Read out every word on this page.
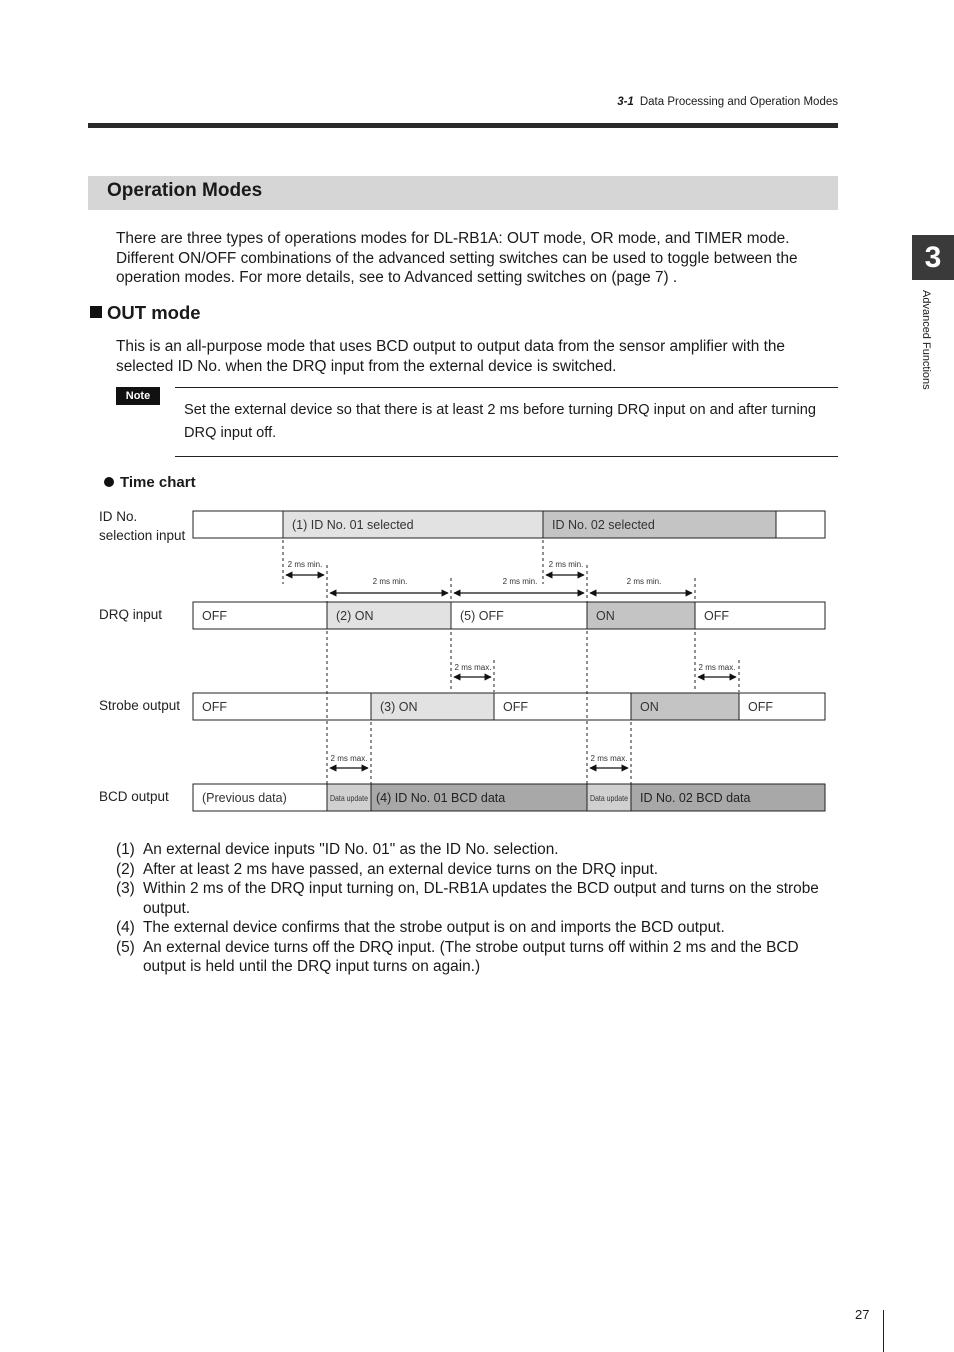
3-1 Data Processing and Operation Modes
Operation Modes
There are three types of operations modes for DL-RB1A: OUT mode, OR mode, and TIMER mode. Different ON/OFF combinations of the advanced setting switches can be used to toggle between the operation modes. For more details, see to Advanced setting switches on (page 7) .
OUT mode
This is an all-purpose mode that uses BCD output to output data from the sensor amplifier with the selected ID No. when the DRQ input from the external device is switched.
Note
Set the external device so that there is at least 2 ms before turning DRQ input on and after turning DRQ input off.
Time chart
ID No.
selection input
DRQ input
Strobe output
BCD output
(1) ID No. 01 selected	ID No. 02 selected
OFF	(2) ON	(5) OFF	ON	OFF
OFF	(3) ON	OFF	ON	OFF
(Previous data)	Data update (4) ID No. 01 BCD data	Data update ID No. 02 BCD data
2 ms min.
2 ms min.	2 ms min.
2 ms min.
2 ms min.
2 ms max.	2 ms max.
2 ms max.	2 ms max.
(1) An external device inputs "ID No. 01" as the ID No. selection.
(2) After at least 2 ms have passed, an external device turns on the DRQ input.
(3) Within 2 ms of the DRQ input turning on, DL-RB1A updates the BCD output and turns on the strobe output.
(4) The external device confirms that the strobe output is on and imports the BCD output.
(5) An external device turns off the DRQ input. (The strobe output turns off within 2 ms and the BCD output is held until the DRQ input turns on again.)
3
Advanced Functions
27
